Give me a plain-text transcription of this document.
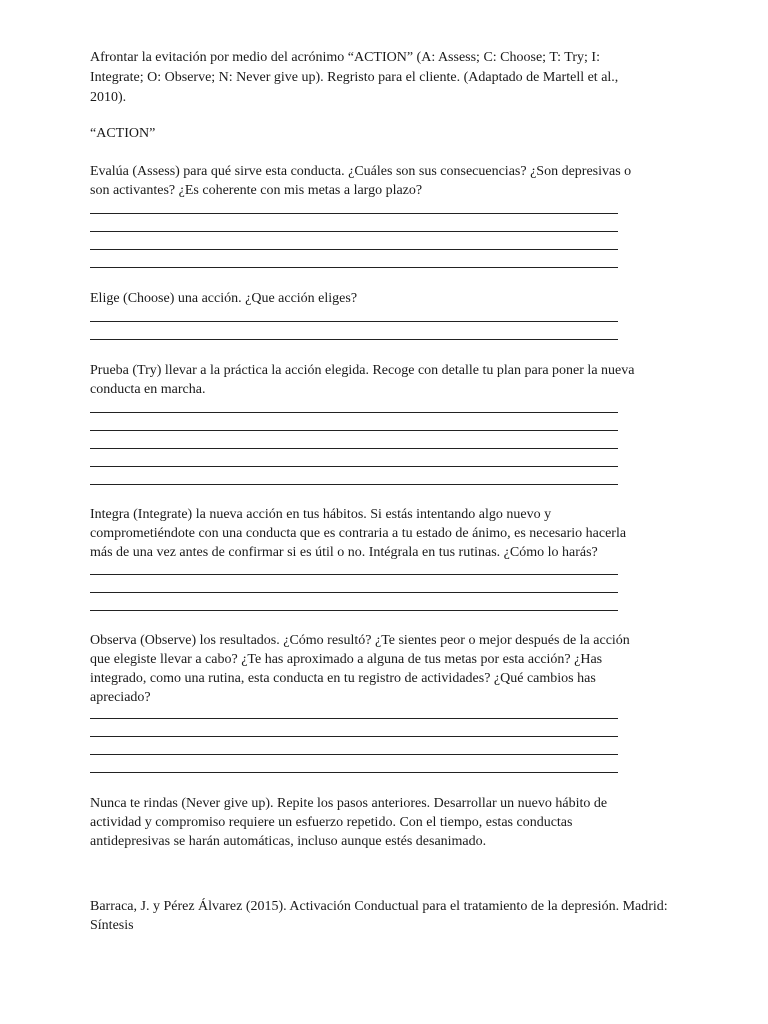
Afrontar la evitación por medio del acrónimo “ACTION” (A: Assess; C: Choose; T: Try; I:

Integrate; O: Observe; N: Never give up). Regristo para el cliente. (Adaptado de Martell et al.,

2010).

“ACTION”

Evalúa (Assess) para qué sirve esta conducta. ¿Cuáles son sus consecuencias? ¿Son depresivas o

son activantes? ¿Es coherente con mis metas a largo plazo?

Elige (Choose) una acción. ¿Que acción eliges?

Prueba (Try) llevar a la práctica la acción elegida. Recoge con detalle tu plan para poner la nueva

conducta en marcha.

Integra (Integrate) la nueva acción en tus hábitos. Si estás intentando algo nuevo y

comprometiéndote con una conducta que es contraria a tu estado de ánimo, es necesario hacerla

más de una vez antes de confirmar si es útil o no. Intégrala en tus rutinas. ¿Cómo lo harás?

Observa (Observe) los resultados. ¿Cómo resultó? ¿Te sientes peor o mejor después de la acción

que elegiste llevar a cabo? ¿Te has aproximado a alguna de tus metas por esta acción? ¿Has

integrado, como una rutina, esta conducta en tu registro de actividades? ¿Qué cambios has

apreciado?

Nunca te rindas (Never give up). Repite los pasos anteriores. Desarrollar un nuevo hábito de

actividad y compromiso requiere un esfuerzo repetido. Con el tiempo, estas conductas

antidepresivas se harán automáticas, incluso aunque estés desanimado.

Barraca, J. y Pérez Álvarez (2015). Activación Conductual para el tratamiento de la depresión. Madrid:

Síntesis
